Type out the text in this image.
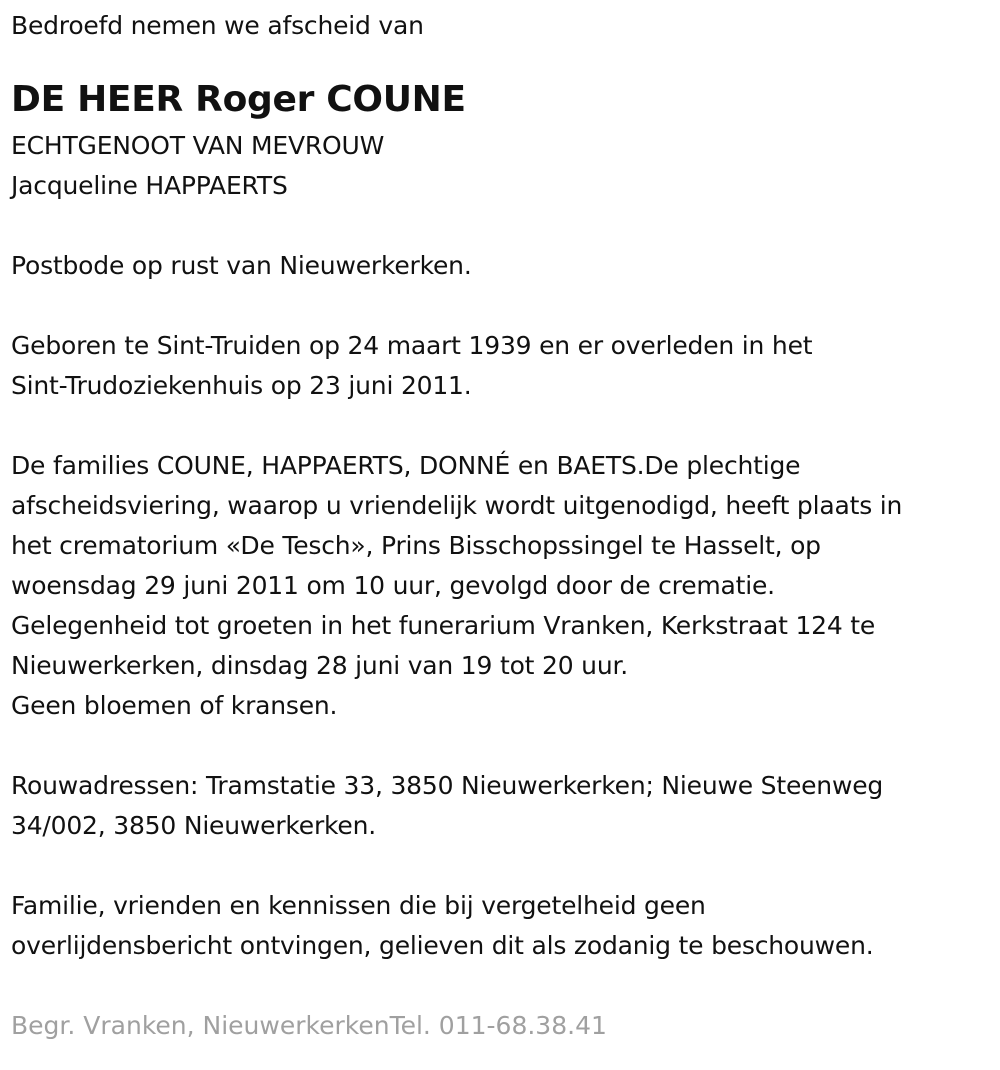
Bedroefd nemen we afscheid van
DE HEER Roger COUNE
ECHTGENOOT VAN MEVROUW
Jacqueline HAPPAERTS
Postbode op rust van Nieuwerkerken.
Geboren te Sint-Truiden op 24 maart 1939 en er overleden in het
Sint-Trudoziekenhuis op 23 juni 2011.
De families COUNE, HAPPAERTS, DONNÉ en BAETS.De plechtige
afscheidsviering, waarop u vriendelijk wordt uitgenodigd, heeft plaats in
het crematorium «De Tesch», Prins Bisschopssingel te Hasselt, op
woensdag 29 juni 2011 om 10 uur, gevolgd door de crematie.
Gelegenheid tot groeten in het funerarium Vranken, Kerkstraat 124 te
Nieuwerkerken, dinsdag 28 juni van 19 tot 20 uur.
Geen bloemen of kransen.
Rouwadressen: Tramstatie 33, 3850 Nieuwerkerken; Nieuwe Steenweg
34/002, 3850 Nieuwerkerken.
Familie, vrienden en kennissen die bij vergetelheid geen
overlijdensbericht ontvingen, gelieven dit als zodanig te beschouwen.
Begr. Vranken, NieuwerkerkenTel. 011-68.38.41
